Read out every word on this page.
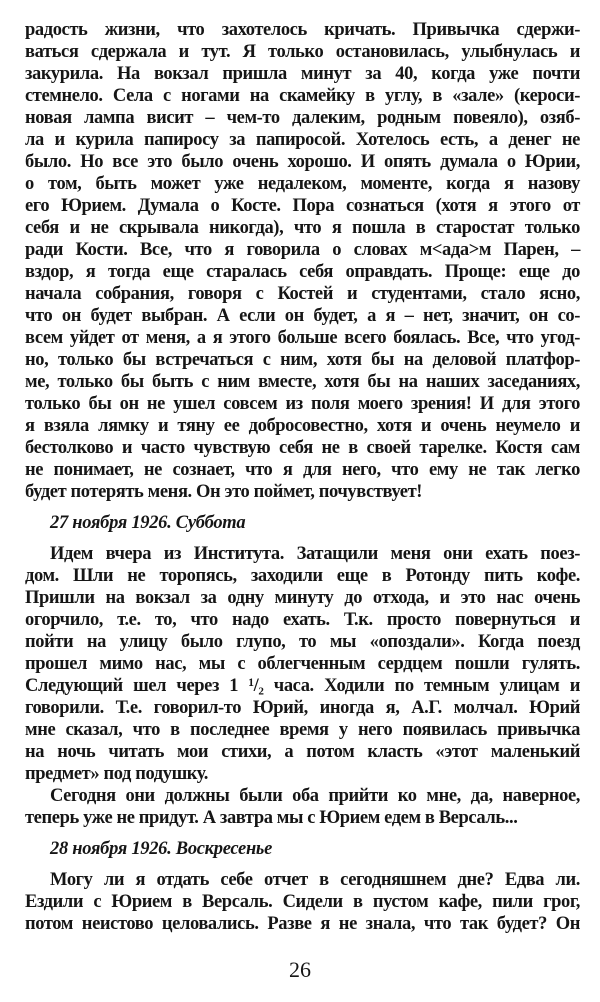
радость жизни, что захотелось кричать. Привычка сдержи-
ваться сдержала и тут. Я только остановилась, улыбнулась и
закурила. На вокзал пришла минут за 40, когда уже почти
стемнело. Села с ногами на скамейку в углу, в «зале» (кероси-
новая лампа висит – чем-то далеким, родным повеяло), озяб-
ла и курила папиросу за папиросой. Хотелось есть, а денег не
было. Но все это было очень хорошо. И опять думала о Юрии,
о том, быть может уже недалеком, моменте, когда я назову
его Юрием. Думала о Косте. Пора сознаться (хотя я этого от
себя и не скрывала никогда), что я пошла в старостат только
ради Кости. Все, что я говорила о словах м<ада>м Парен, –
вздор, я тогда еще старалась себя оправдать. Проще: еще до
начала собрания, говоря с Костей и студентами, стало ясно,
что он будет выбран. А если он будет, а я – нет, значит, он со-
всем уйдет от меня, а я этого больше всего боялась. Все, что угод-
но, только бы встречаться с ним, хотя бы на деловой платфор-
ме, только бы быть с ним вместе, хотя бы на наших заседаниях,
только бы он не ушел совсем из поля моего зрения! И для этого
я взяла лямку и тяну ее добросовестно, хотя и очень неумело и
бестолково и часто чувствую себя не в своей тарелке. Костя сам
не понимает, не сознает, что я для него, что ему не так легко
будет потерять меня. Он это поймет, почувствует!
27 ноября 1926. Суббота
Идем вчера из Института. Затащили меня они ехать поез-
дом. Шли не торопясь, заходили еще в Ротонду пить кофе.
Пришли на вокзал за одну минуту до отхода, и это нас очень
огорчило, т.е. то, что надо ехать. Т.к. просто повернуться и
пойти на улицу было глупо, то мы «опоздали». Когда поезд
прошел мимо нас, мы с облегченным сердцем пошли гулять.
Следующий шел через 1 ¹/₂ часа. Ходили по темным улицам и
говорили. Т.е. говорил-то Юрий, иногда я, А.Г. молчал. Юрий
мне сказал, что в последнее время у него появилась привычка
на ночь читать мои стихи, а потом класть «этот маленький
предмет» под подушку.
Сегодня они должны были оба прийти ко мне, да, наверное,
теперь уже не придут. А завтра мы с Юрием едем в Версаль...
28 ноября 1926. Воскресенье
Могу ли я отдать себе отчет в сегодняшнем дне? Едва ли.
Ездили с Юрием в Версаль. Сидели в пустом кафе, пили грог,
потом неистово целовались. Разве я не знала, что так будет? Он
26
